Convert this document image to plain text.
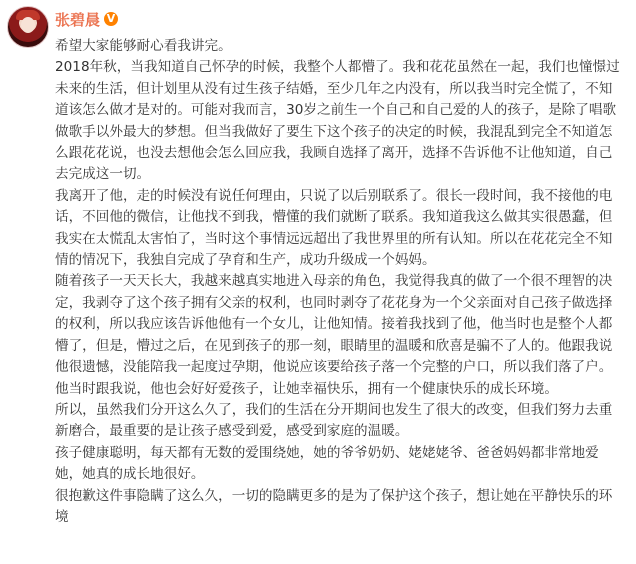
张碧晨 V

希望大家能够耐心看我讲完。

2018年秋，当我知道自己怀孕的时候，我整个人都懵了。我和花花虽然在一起，我们也憧憬过未来的生活，但计划里从没有过生孩子结婚，至少几年之内没有，所以我当时完全慌了，不知道该怎么做才是对的。可能对我而言，30岁之前生一个自己和自己爱的人的孩子，是除了唱歌做歌手以外最大的梦想。但当我做好了要生下这个孩子的决定的时候，我混乱到完全不知道怎么跟花花说，也没去想他会怎么回应我，我顾自选择了离开，选择不告诉他不让他知道，自己去完成这一切。

我离开了他，走的时候没有说任何理由，只说了以后别联系了。很长一段时间，我不接他的电话，不回他的微信，让他找不到我，懵懂的我们就断了联系。我知道我这么做其实很愚蠢，但我实在太慌乱太害怕了，当时这个事情远远超出了我世界里的所有认知。所以在花花完全不知情的情况下，我独自完成了孕育和生产，成功升级成一个妈妈。

随着孩子一天天长大，我越来越真实地进入母亲的角色，我觉得我真的做了一个很不理智的决定，我剥夺了这个孩子拥有父亲的权利，也同时剥夺了花花身为一个父亲面对自己孩子做选择的权利，所以我应该告诉他他有一个女儿，让他知情。接着我找到了他，他当时也是整个人都懵了，但是，懵过之后，在见到孩子的那一刻，眼睛里的温暖和欣喜是骗不了人的。他跟我说他很遗憾，没能陪我一起度过孕期，他说应该要给孩子落一个完整的户口，所以我们落了户。他当时跟我说，他也会好好爱孩子，让她幸福快乐，拥有一个健康快乐的成长环境。

所以，虽然我们分开这么久了，我们的生活在分开期间也发生了很大的改变，但我们努力去重新磨合，最重要的是让孩子感受到爱，感受到家庭的温暖。

孩子健康聪明，每天都有无数的爱围绕她，她的爷爷奶奶、姥姥姥爷、爸爸妈妈都非常地爱她，她真的成长地很好。

很抱歉这件事隐瞒了这么久，一切的隐瞒更多的是为了保护这个孩子，想让她在平静快乐的环境
